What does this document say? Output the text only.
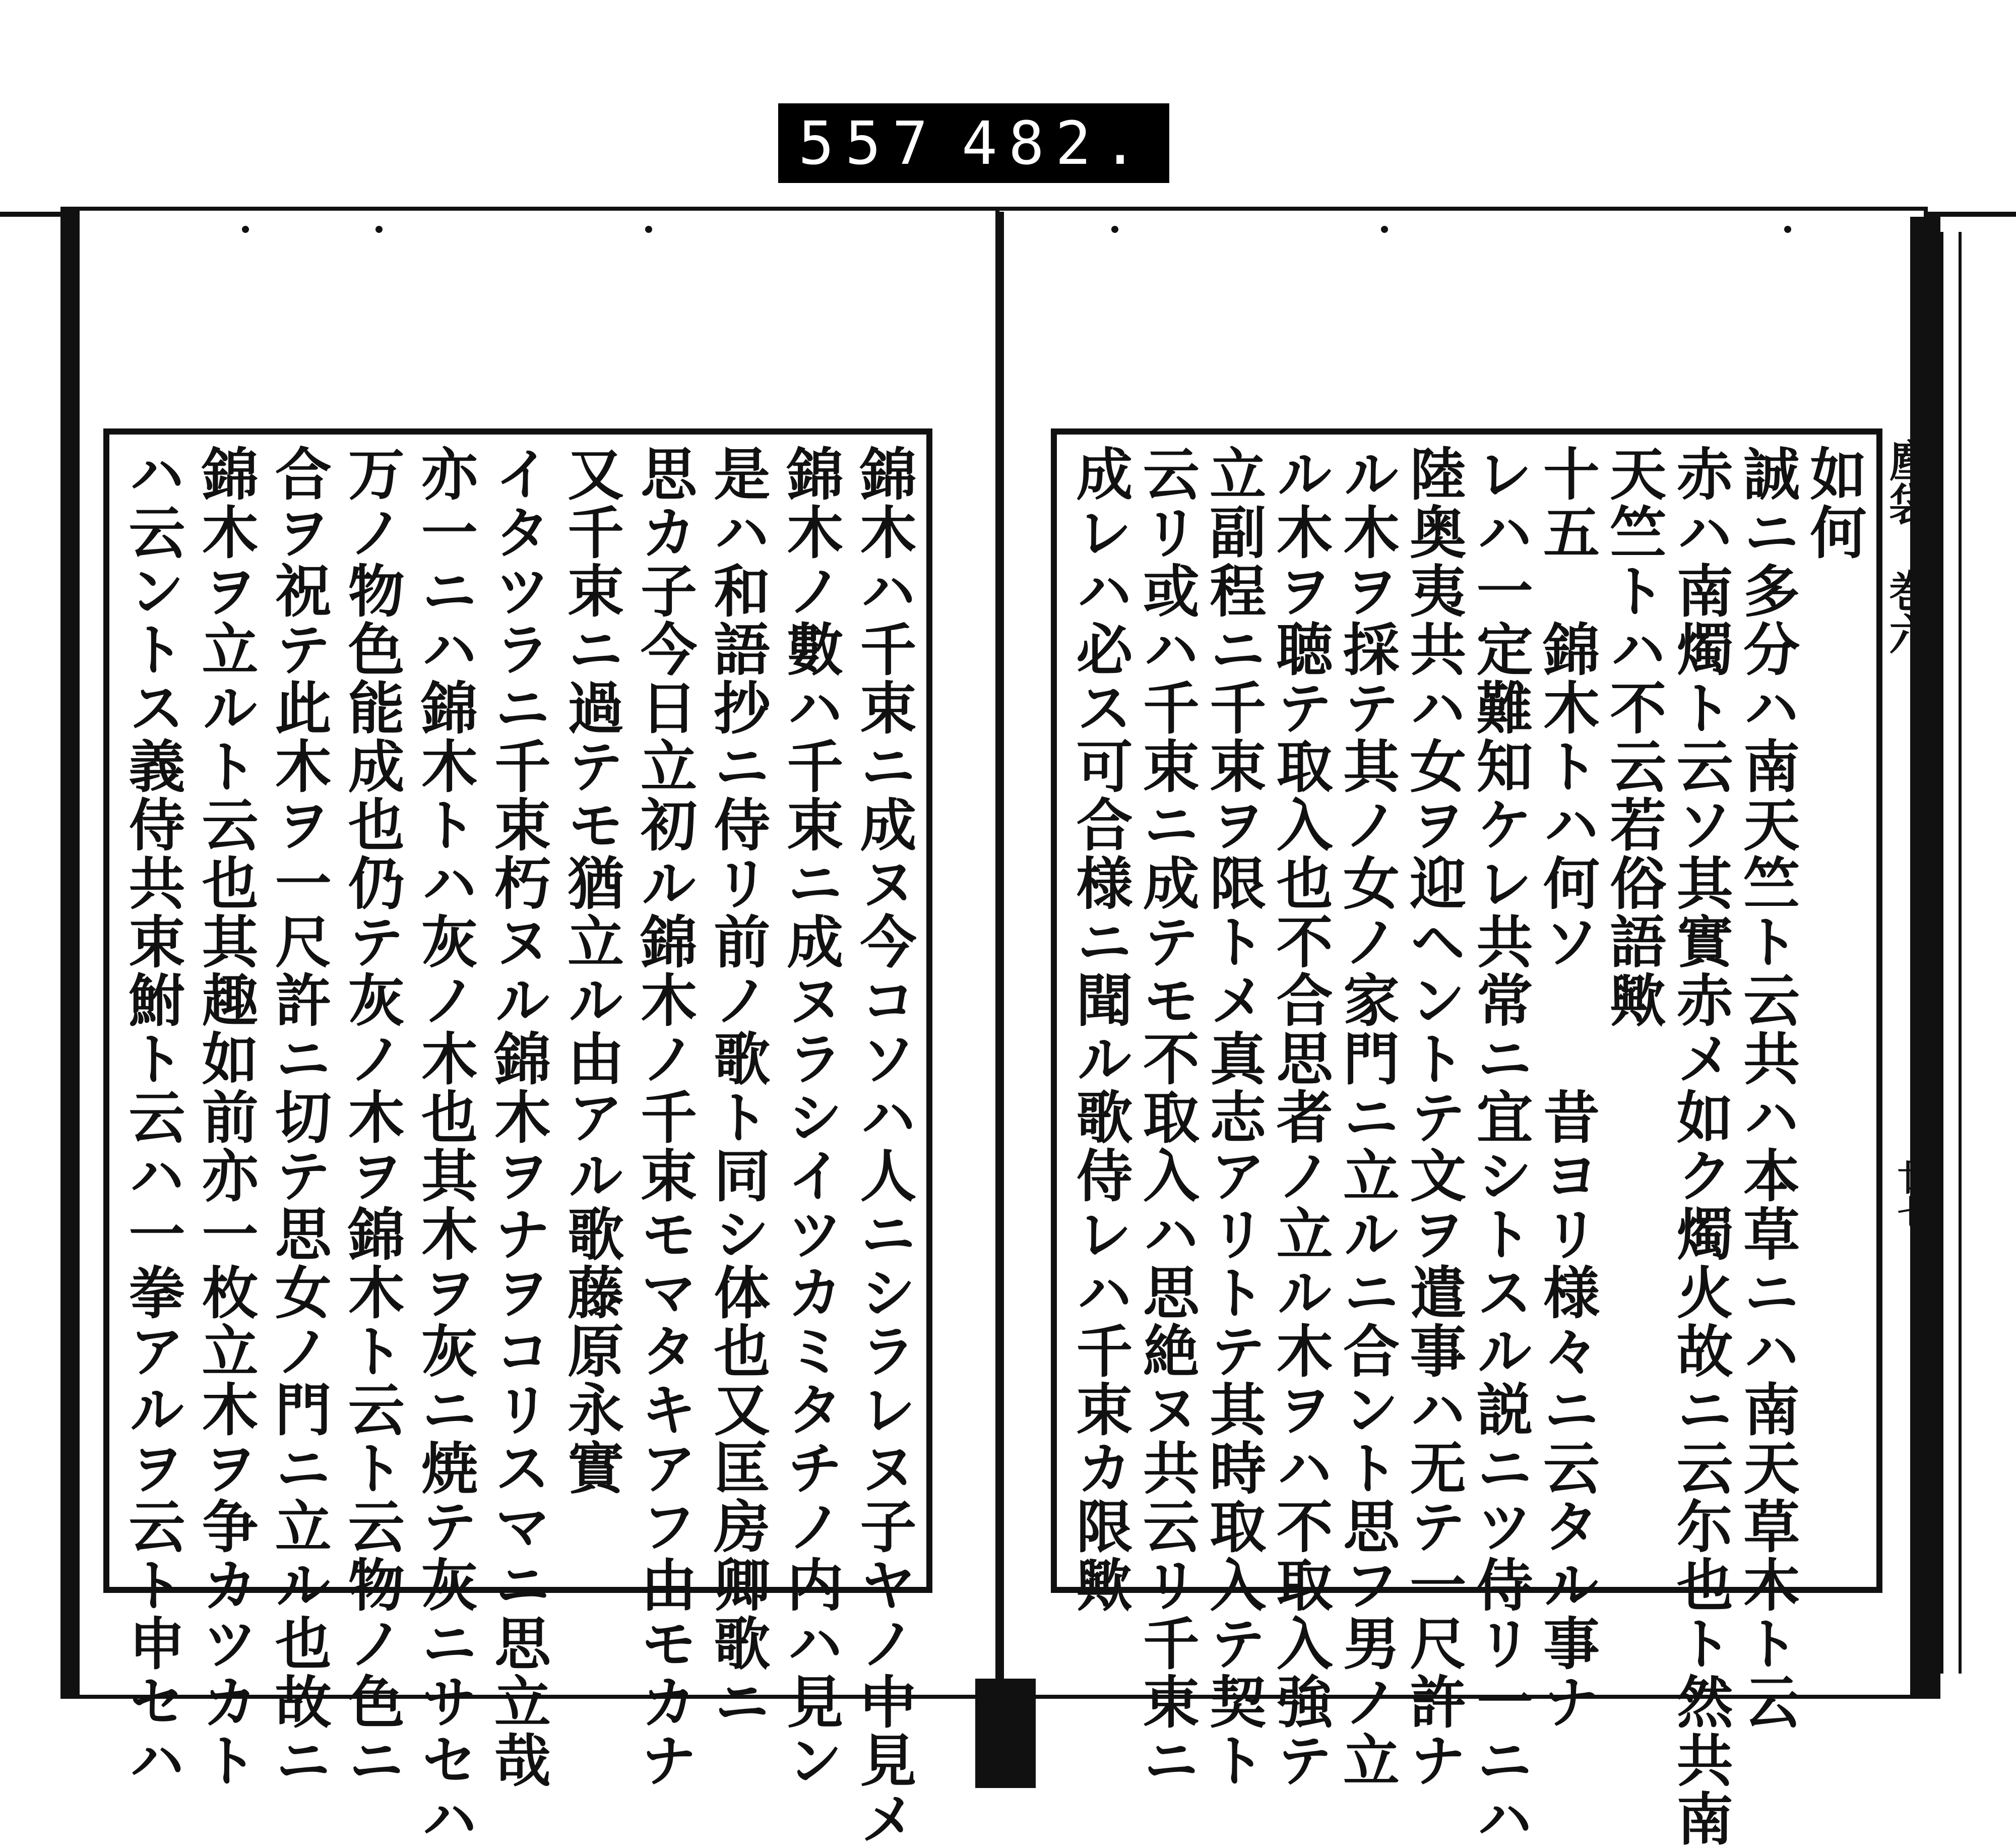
557 482.
塵袋　巻六
廿七
如何
誠ニ多分ハ南天竺ト云共ハ本草ニハ南天草木ト云
赤ハ南燭ト云ソ其實赤メ如ク燭火故ニ云尓也ト然共南
天竺トハ不云若俗語歟
十五　錦木トハ何ソ　　昔ヨリ様々ニ云タル事ナ
レハ一定難知ケレ共常ニ宜シトスル説ニツ侍リ一ニハ
陸奥夷共ハ女ヲ迎ヘントテ文ヲ遣事ハ无テ一尺許ナ
ル木ヲ採テ其ノ女ノ家門ニ立ルニ合ント思フ男ノ立
ル木ヲ聴テ取入也不合思者ノ立ル木ヲハ不取入強テ
立副程ニ千束ヲ限トメ真志アリトテ其時取入テ契ト
云リ或ハ千束ニ成テモ不取入ハ思絶ヌ共云リ千束ニ
成レハ必ス可合様ニ聞ル歌侍レハ千束カ限歟
錦木ハ千束ニ成ヌ今コソハ人ニシラレヌ子ヤノ中見メ
錦木ノ數ハ千束ニ成ヌラシイツカミタチノ内ハ見ン
是ハ和語抄ニ侍リ前ノ歌ト同シ体也又匡房卿歌ニ
思カ子今日立初ル錦木ノ千束モマタキアフ由モカナ
又千束ニ過テモ猶立ル由アル歌藤原永實
イタツラニ千束朽ヌル錦木ヲナヲコリスマニ思立哉
亦一ニハ錦木トハ灰ノ木也其木ヲ灰ニ焼テ灰ニサセハ
万ノ物色能成也仍テ灰ノ木ヲ錦木ト云ト云物ノ色ニ
合ヲ祝テ此木ヲ一尺許ニ切テ思女ノ門ニ立ル也故ニ
錦木ヲ立ルト云也其趣如前亦一枚立木ヲ争カツカト
ハ云ントス義侍共束鮒ト云ハ一拳アルヲ云ト申セハ
